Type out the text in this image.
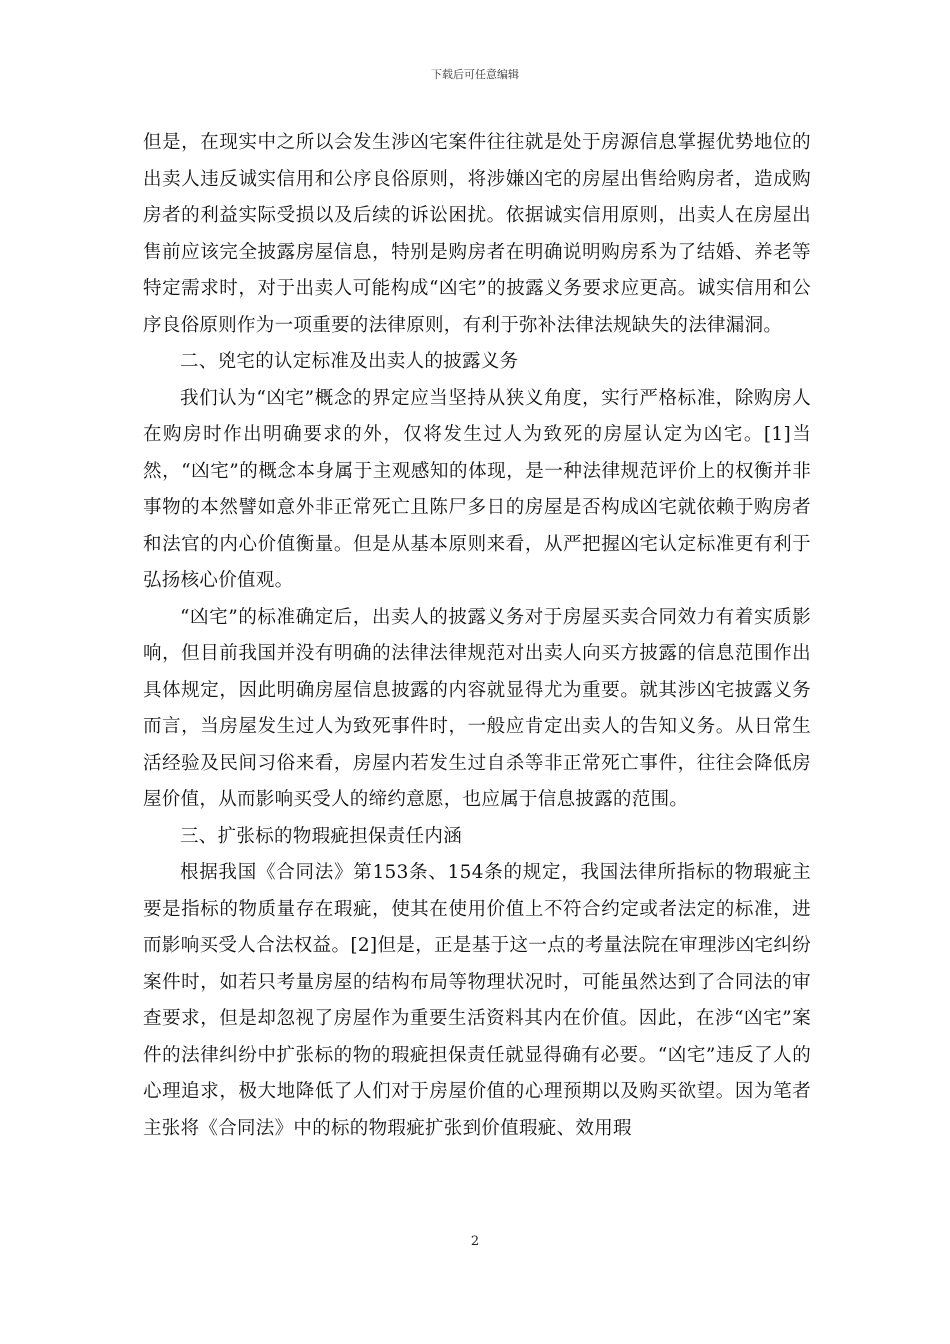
下载后可任意编辑

但是，在现实中之所以会发生涉凶宅案件往往就是处于房源信息掌握优势地位的出卖人违反诚实信用和公序良俗原则，将涉嫌凶宅的房屋出售给购房者，造成购房者的利益实际受损以及后续的诉讼困扰。依据诚实信用原则，出卖人在房屋出售前应该完全披露房屋信息，特别是购房者在明确说明购房系为了结婚、养老等特定需求时，对于出卖人可能构成“凶宅”的披露义务要求应更高。诚实信用和公序良俗原则作为一项重要的法律原则，有利于弥补法律法规缺失的法律漏洞。

二、兇宅的认定标准及出卖人的披露义务

我们认为“凶宅”概念的界定应当坚持从狭义角度，实行严格标准，除购房人在购房时作出明确要求的外，仅将发生过人为致死的房屋认定为凶宅。[1]当然，“凶宅”的概念本身属于主观感知的体现，是一种法律规范评价上的权衡并非事物的本然譬如意外非正常死亡且陈尸多日的房屋是否构成凶宅就依赖于购房者和法官的内心价值衡量。但是从基本原则来看，从严把握凶宅认定标准更有利于弘扬核心价值观。

“凶宅”的标准确定后，出卖人的披露义务对于房屋买卖合同效力有着实质影响，但目前我国并没有明确的法律法律规范对出卖人向买方披露的信息范围作出具体规定，因此明确房屋信息披露的内容就显得尤为重要。就其涉凶宅披露义务而言，当房屋发生过人为致死事件时，一般应肯定出卖人的告知义务。从日常生活经验及民间习俗来看，房屋内若发生过自杀等非正常死亡事件，往往会降低房屋价值，从而影响买受人的缔约意愿，也应属于信息披露的范围。

三、扩张标的物瑕疵担保责任内涵

根据我国《合同法》第153条、154条的规定，我国法律所指标的物瑕疵主要是指标的物质量存在瑕疵，使其在使用价值上不符合约定或者法定的标准，进而影响买受人合法权益。[2]但是，正是基于这一点的考量法院在审理涉凶宅纠纷案件时，如若只考量房屋的结构布局等物理状况时，可能虽然达到了合同法的审查要求，但是却忽视了房屋作为重要生活资料其内在价值。因此，在涉“凶宅”案件的法律纠纷中扩张标的物的瑕疵担保责任就显得确有必要。“凶宅”违反了人的心理追求，极大地降低了人们对于房屋价值的心理预期以及购买欲望。因为笔者主张将《合同法》中的标的物瑕疵扩张到价值瑕疵、效用瑕

2
